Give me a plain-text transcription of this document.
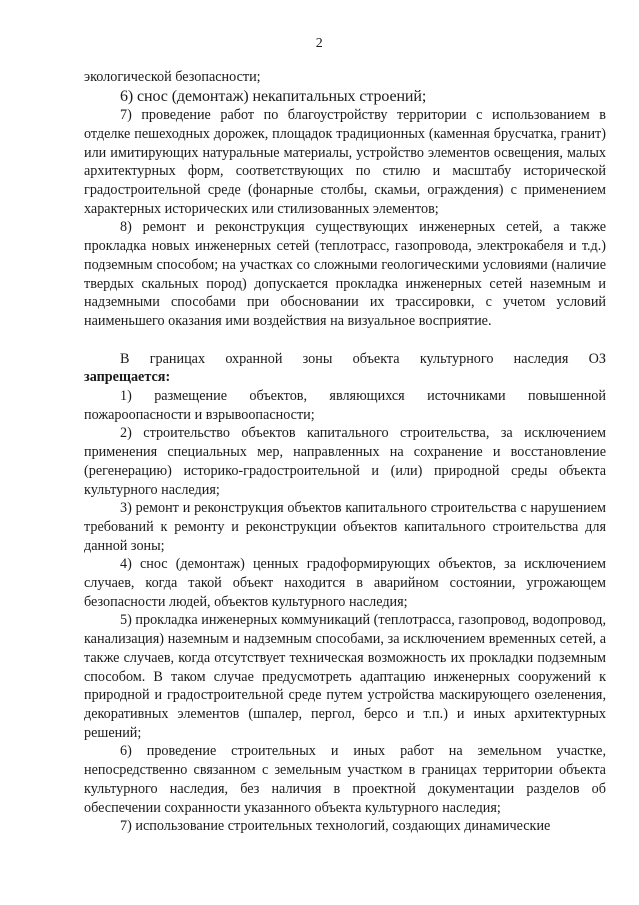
2

экологической безопасности;

6) снос (демонтаж) некапитальных строений;

7) проведение работ по благоустройству территории с использованием в отделке пешеходных дорожек, площадок традиционных (каменная брусчатка, гранит) или имитирующих натуральные материалы, устройство элементов освещения, малых архитектурных форм, соответствующих по стилю и масштабу исторической градостроительной среде (фонарные столбы, скамьи, ограждения) с применением характерных исторических или стилизованных элементов;

8) ремонт и реконструкция существующих инженерных сетей, а также прокладка новых инженерных сетей (теплотрасс, газопровода, электрокабеля и т.д.) подземным способом; на участках со сложными геологическими условиями (наличие твердых скальных пород) допускается прокладка инженерных сетей наземным и надземными способами при обосновании их трассировки, с учетом условий наименьшего оказания ими воздействия на визуальное восприятие.

В границах охранной зоны объекта культурного наследия ОЗ

запрещается:

1) размещение объектов, являющихся источниками повышенной пожароопасности и взрывоопасности;

2) строительство объектов капитального строительства, за исключением применения специальных мер, направленных на сохранение и восстановление (регенерацию) историко-градостроительной и (или) природной среды объекта культурного наследия;

3) ремонт и реконструкция объектов капитального строительства с нарушением требований к ремонту и реконструкции объектов капитального строительства для данной зоны;

4) снос (демонтаж) ценных градоформирующих объектов, за исключением случаев, когда такой объект находится в аварийном состоянии, угрожающем безопасности людей, объектов культурного наследия;

5) прокладка инженерных коммуникаций (теплотрасса, газопровод, водопровод, канализация) наземным и надземным способами, за исключением временных сетей, а также случаев, когда отсутствует техническая возможность их прокладки подземным способом. В таком случае предусмотреть адаптацию инженерных сооружений к природной и градостроительной среде путем устройства маскирующего озеленения, декоративных элементов (шпалер, пергол, берсо и т.п.) и иных архитектурных решений;

6) проведение строительных и иных работ на земельном участке, непосредственно связанном с земельным участком в границах территории объекта культурного наследия, без наличия в проектной документации разделов об обеспечении сохранности указанного объекта культурного наследия;

7) использование строительных технологий, создающих динамические
